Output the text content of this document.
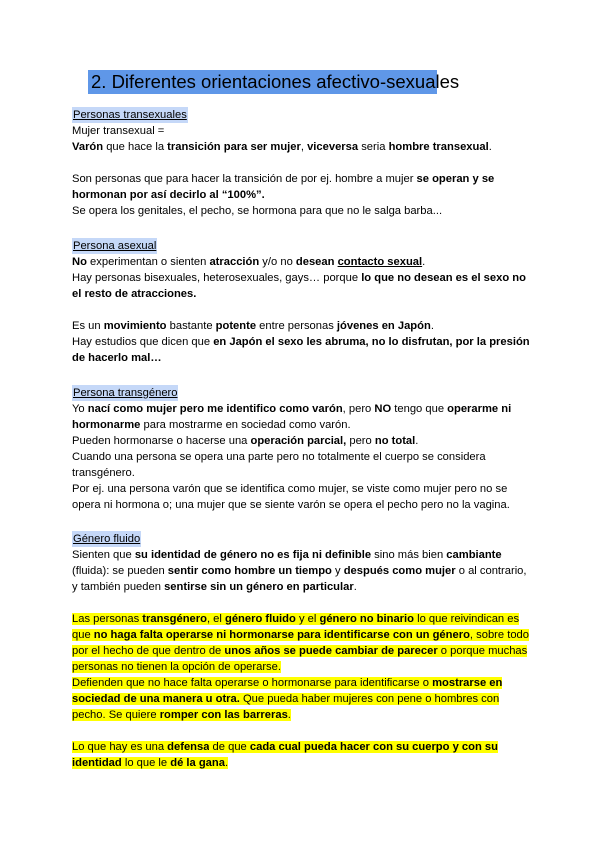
2. Diferentes orientaciones afectivo-sexuales

Personas transexuales

Mujer transexual =

Varón que hace la transición para ser mujer, viceversa seria hombre transexual.

Son personas que para hacer la transición de por ej. hombre a mujer se operan y se hormonan por así decirlo al “100%”.

Se opera los genitales, el pecho, se hormona para que no le salga barba...

Persona asexual

No experimentan o sienten atracción y/o no desean contacto sexual.

Hay personas bisexuales, heterosexuales, gays… porque lo que no desean es el sexo no el resto de atracciones.

Es un movimiento bastante potente entre personas jóvenes en Japón.

Hay estudios que dicen que en Japón el sexo les abruma, no lo disfrutan, por la presión de hacerlo mal…

Persona transgénero

Yo nací como mujer pero me identifico como varón, pero NO tengo que operarme ni hormonarme para mostrarme en sociedad como varón.

Pueden hormonarse o hacerse una operación parcial, pero no total.

Cuando una persona se opera una parte pero no totalmente el cuerpo se considera transgénero.

Por ej. una persona varón que se identifica como mujer, se viste como mujer pero no se opera ni hormona o; una mujer que se siente varón se opera el pecho pero no la vagina.

Género fluido

Sienten que su identidad de género no es fija ni definible sino más bien cambiante (fluida): se pueden sentir como hombre un tiempo y después como mujer o al contrario, y también pueden sentirse sin un género en particular.

Las personas transgénero, el género fluido y el género no binario lo que reivindican es que no haga falta operarse ni hormonarse para identificarse con un género, sobre todo por el hecho de que dentro de unos años se puede cambiar de parecer o porque muchas personas no tienen la opción de operarse.

Defienden que no hace falta operarse o hormonarse para identificarse o mostrarse en sociedad de una manera u otra. Que pueda haber mujeres con pene o hombres con pecho. Se quiere romper con las barreras.

Lo que hay es una defensa de que cada cual pueda hacer con su cuerpo y con su identidad lo que le dé la gana.
